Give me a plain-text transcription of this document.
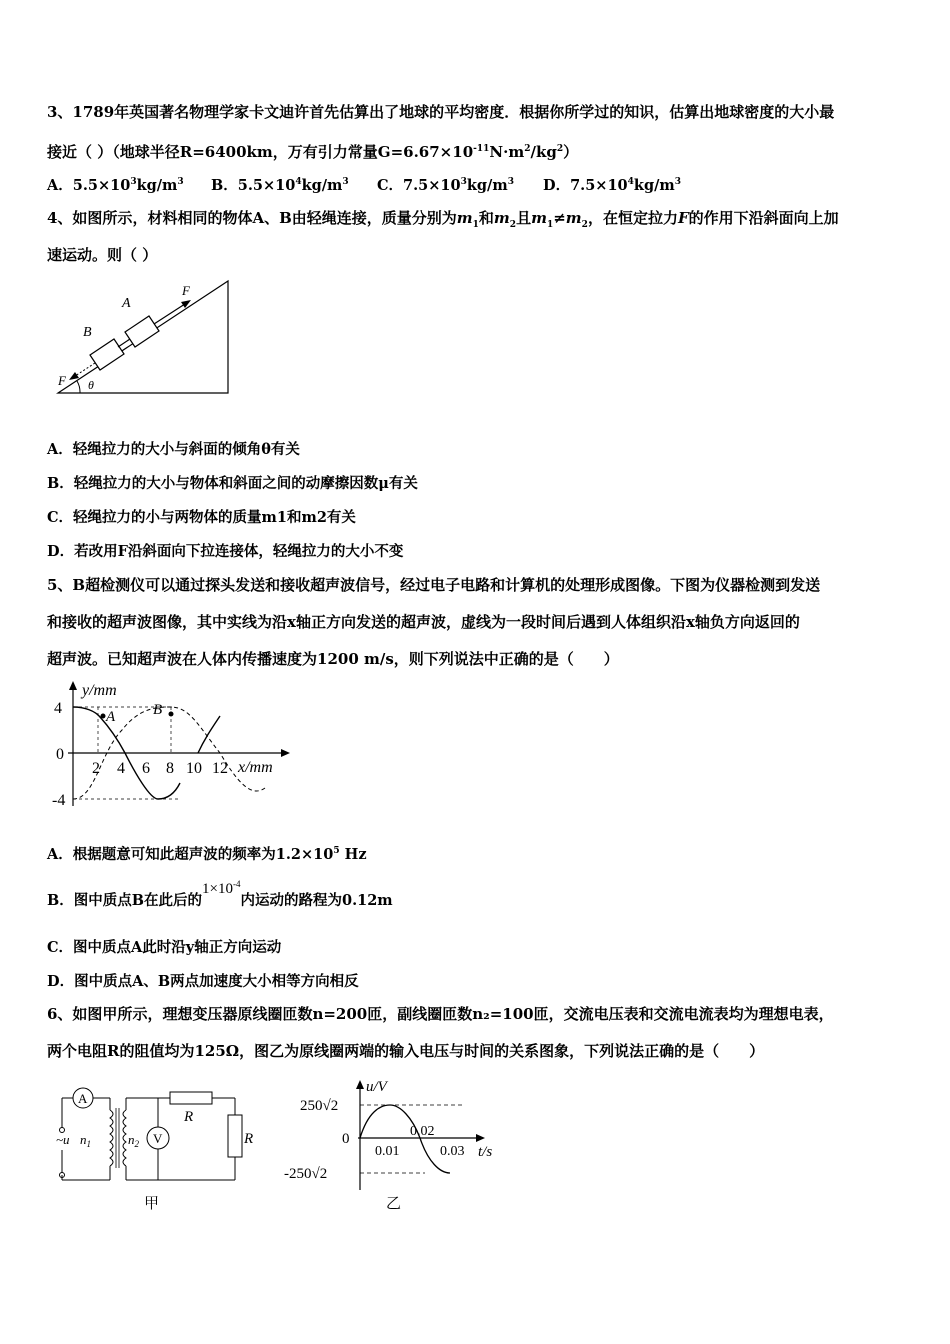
3、1789年英国著名物理学家卡文迪许首先估算出了地球的平均密度．根据你所学过的知识，估算出地球密度的大小最
接近（ ）（地球半径R=6400km，万有引力常量$G=6.67\times 10^{-11}N\cdot m^2/kg^2$）
A．$5.5\times 10^3kg/m^3$ B．$5.5\times 10^4kg/m^3$ C．$7.5\times 10^3kg/m^3$ D．$7.5\times 10^4kg/m^3$
4、如图所示，材料相同的物体A、B由轻绳连接，质量分别为$m_1$和$m_2$且$m_1\ne m_2$，在恒定拉力F的作用下沿斜面向上加
速运动。则（ ）
A
B
F
F θ
A．轻绳拉力的大小与斜面的倾角θ有关
B．轻绳拉力的大小与物体和斜面之间的动摩擦因数μ有关
C．轻绳拉力的小与两物体的质量m1和m2有关
D．若改用F沿斜面向下拉连接体，轻绳拉力的大小不变
5、B超检测仪可以通过探头发送和接收超声波信号，经过电子电路和计算机的处理形成图像。下图为仪器检测到发送
和接收的超声波图像，其中实线为沿x轴正方向发送的超声波，虚线为一段时间后遇到人体组织沿x轴负方向返回的
超声波。已知超声波在人体内传播速度为1200 m/s，则下列说法中正确的是（　　）
A	B
y/mm
x/mm
4
0
-4
2 4 6 8 10 12
A．根据题意可知此超声波的频率为$1.2\times 10^5$ Hz
B．图中质点B在此后的$1\times 10^{-4}$内运动的路程为0.12m
C．图中质点A此时沿y轴正方向运动
D．图中质点A、B两点加速度大小相等方向相反
6、如图甲所示，理想变压器原线圈匝数n=200匝，副线圈匝数n₂=100匝，交流电压表和交流电流表均为理想电表，
两个电阻R的阻值均为125Ω，图乙为原线圈两端的输入电压与时间的关系图象，下列说法正确的是（　　）
A
~u $n_1$	$n_2$
R
R
V
甲
250√2
0
-250√2
u/V
0.01
0.02
0.03 t/s
乙
